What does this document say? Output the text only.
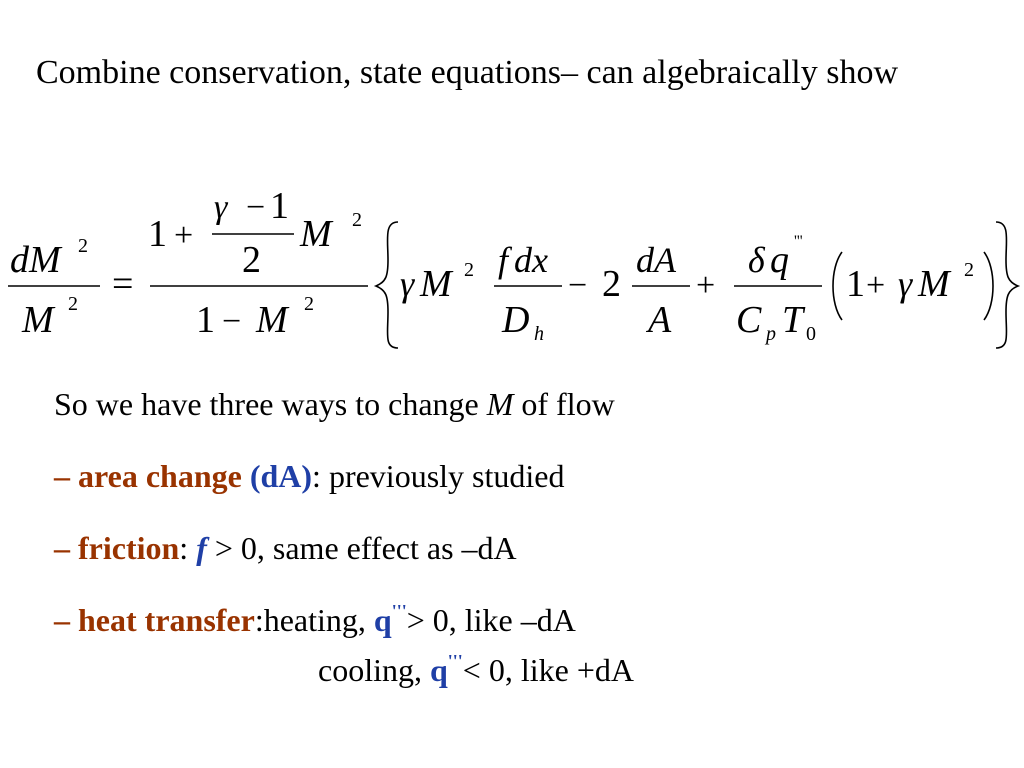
Combine conservation, state equations– can algebraically show
dM 2
M 2 =
1 +
γ − 1
2
M 2
1 − M 2 γ M 2 f dx
D h
− 2
dA
A
+
δ q '''
C p T 0
1 + γ M 2
So we have three ways to change M of flow
– area change (dA): previously studied
– friction: f > 0, same effect as –dA
– heat transfer:heating, q'''> 0, like –dA
cooling, q'''< 0, like +dA
